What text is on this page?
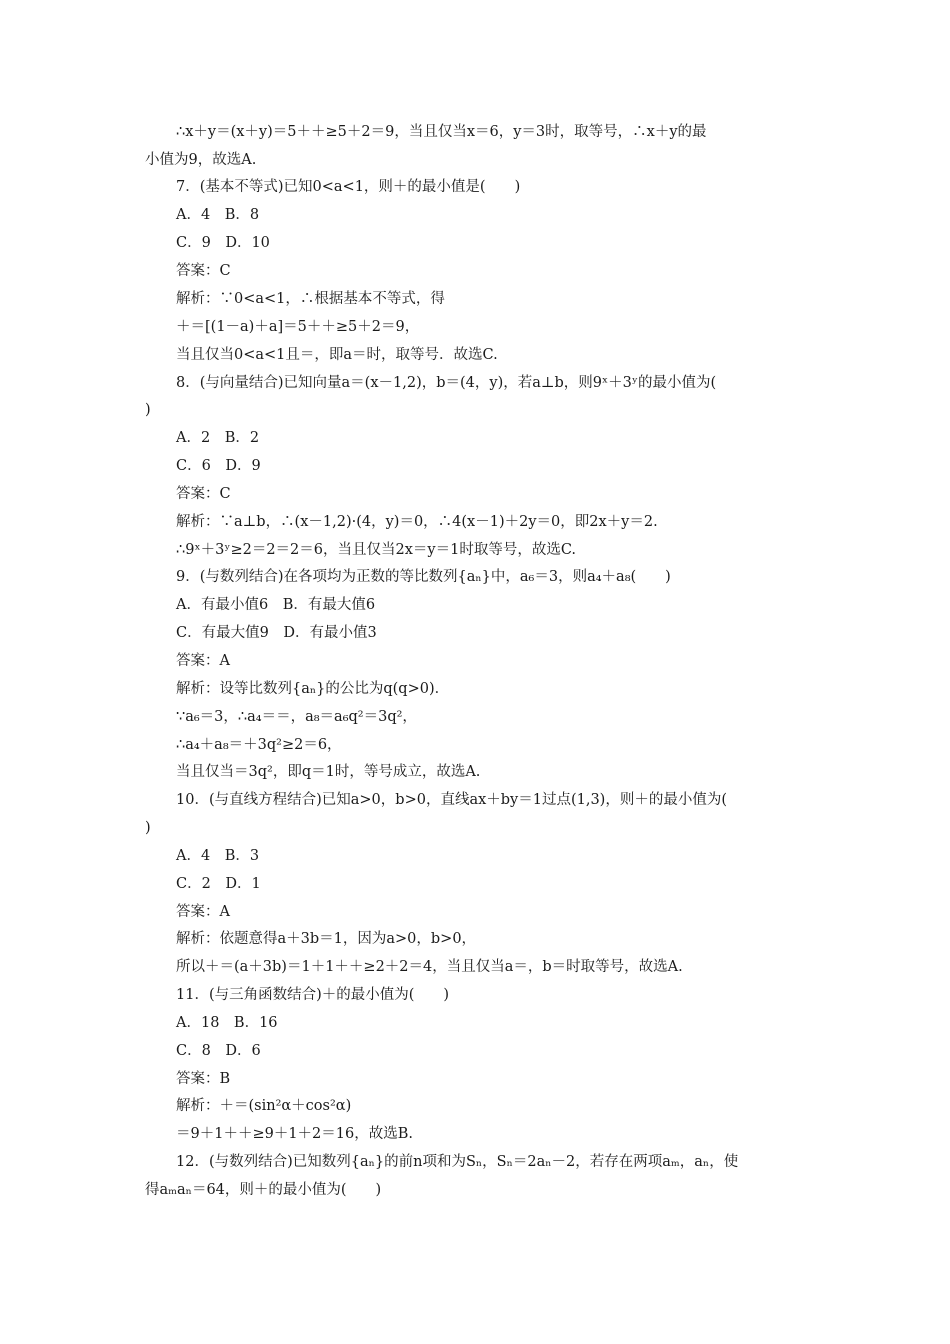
∴x＋y＝(x＋y)＝5＋＋≥5＋2＝9，当且仅当x＝6，y＝3时，取等号，∴x＋y的最
小值为9，故选A.
7．(基本不等式)已知0<a<1，则＋的最小值是(　　)
A．4　B．8
C．9　D．10
答案：C
解析：∵0<a<1，∴根据基本不等式，得
＋＝[(1－a)＋a]＝5＋＋≥5＋2＝9，
当且仅当0<a<1且＝，即a＝时，取等号．故选C.
8．(与向量结合)已知向量a＝(x－1,2)，b＝(4，y)，若a⊥b，则9ˣ＋3ʸ的最小值为(
)
A．2　B．2
C．6　D．9
答案：C
解析：∵a⊥b，∴(x－1,2)·(4，y)＝0，∴4(x－1)＋2y＝0，即2x＋y＝2.
∴9ˣ＋3ʸ≥2＝2＝2＝6，当且仅当2x＝y＝1时取等号，故选C.
9．(与数列结合)在各项均为正数的等比数列{aₙ}中，a₆＝3，则a₄＋a₈(　　)
A．有最小值6　B．有最大值6
C．有最大值9　D．有最小值3
答案：A
解析：设等比数列{aₙ}的公比为q(q>0)．
∵a₆＝3，∴a₄＝＝，a₈＝a₆q²＝3q²，
∴a₄＋a₈＝＋3q²≥2＝6，
当且仅当＝3q²，即q＝1时，等号成立，故选A.
10．(与直线方程结合)已知a>0，b>0，直线ax＋by＝1过点(1,3)，则＋的最小值为(
)
A．4　B．3
C．2　D．1
答案：A
解析：依题意得a＋3b＝1，因为a>0，b>0，
所以＋＝(a＋3b)＝1＋1＋＋≥2＋2＝4，当且仅当a＝，b＝时取等号，故选A.
11．(与三角函数结合)＋的最小值为(　　)
A．18　B．16
C．8　D．6
答案：B
解析：＋＝(sin²α＋cos²α)
＝9＋1＋＋≥9＋1＋2＝16，故选B.
12．(与数列结合)已知数列{aₙ}的前n项和为Sₙ，Sₙ＝2aₙ－2，若存在两项aₘ，aₙ，使
得aₘaₙ＝64，则＋的最小值为(　　)
